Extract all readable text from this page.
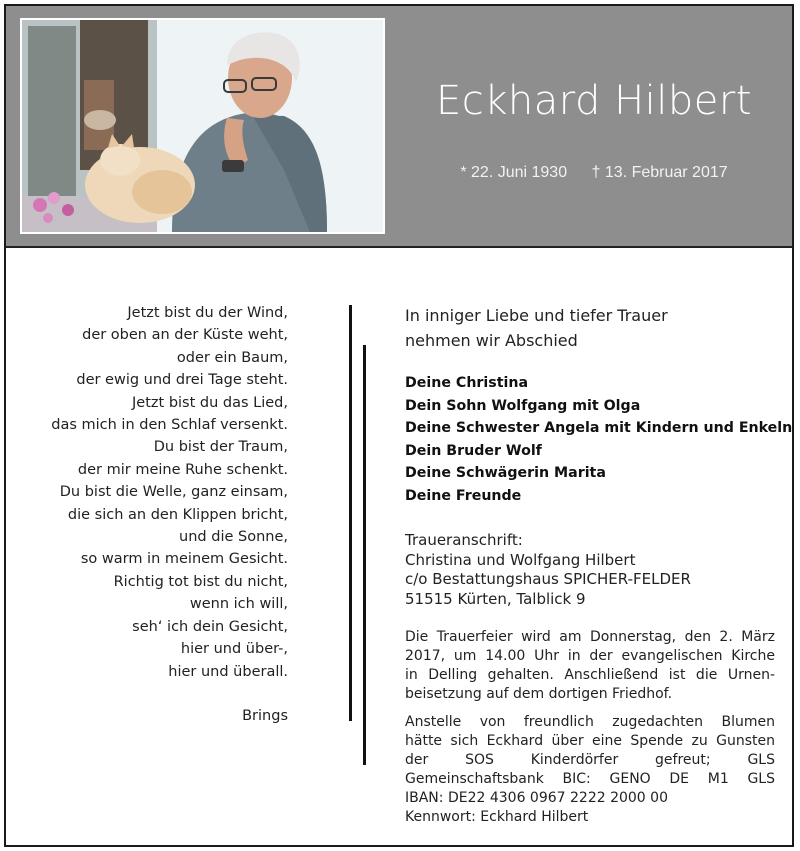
Eckhard Hilbert
* 22. Juni 1930 † 13. Februar 2017
Jetzt bist du der Wind,
der oben an der Küste weht,
oder ein Baum,
der ewig und drei Tage steht.
Jetzt bist du das Lied,
das mich in den Schlaf versenkt.
Du bist der Traum,
der mir meine Ruhe schenkt.
Du bist die Welle, ganz einsam,
die sich an den Klippen bricht,
und die Sonne,
so warm in meinem Gesicht.
Richtig tot bist du nicht,
wenn ich will,
seh‘ ich dein Gesicht,
hier und über-,
hier und überall.
Brings
In inniger Liebe und tiefer Trauer
nehmen wir Abschied
Deine Christina
Dein Sohn Wolfgang mit Olga
Deine Schwester Angela mit Kindern und Enkeln
Dein Bruder Wolf
Deine Schwägerin Marita
Deine Freunde
Traueranschrift:
Christina und Wolfgang Hilbert
c/o Bestattungshaus SPICHER-FELDER
51515 Kürten, Talblick 9
Die Trauerfeier wird am Donnerstag, den 2. März
2017, um 14.00 Uhr in der evangelischen Kirche
in Delling gehalten. Anschließend ist die Urnen-
beisetzung auf dem dortigen Friedhof.
Anstelle von freundlich zugedachten Blumen
hätte sich Eckhard über eine Spende zu Gunsten
der SOS Kinderdörfer gefreut; GLS
Gemeinschaftsbank BIC: GENO DE M1 GLS
IBAN: DE22 4306 0967 2222 2000 00
Kennwort: Eckhard Hilbert
